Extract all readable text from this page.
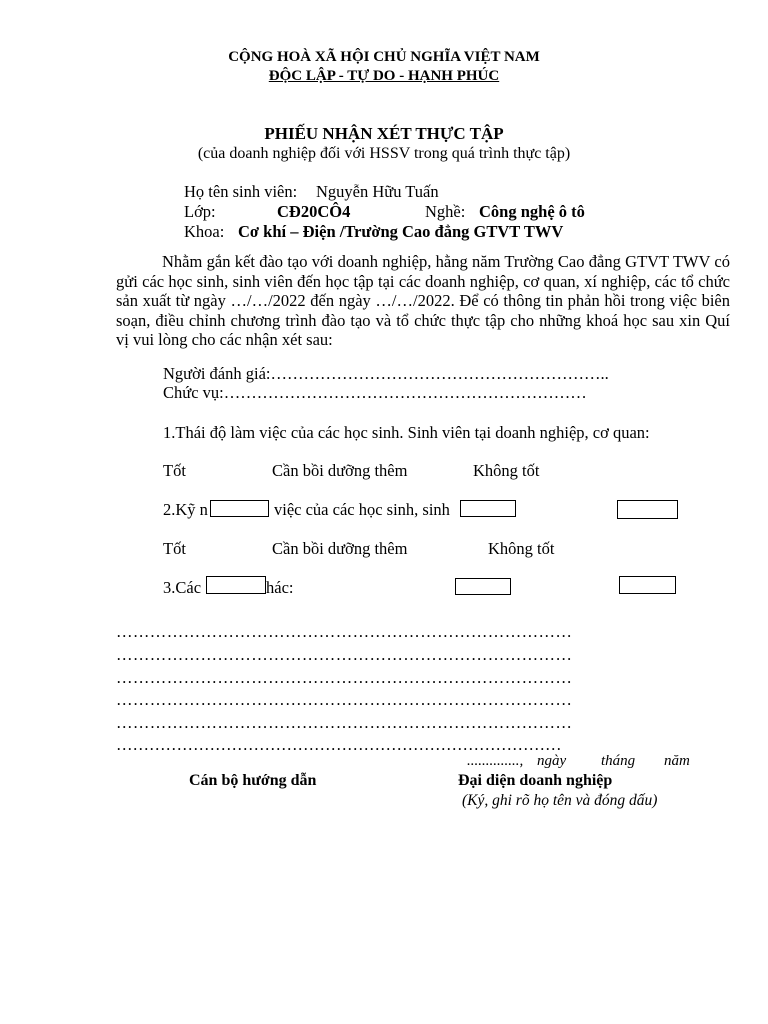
CỘNG HOÀ XÃ HỘI CHỦ NGHĨA VIỆT NAM
ĐỘC LẬP - TỰ DO - HẠNH PHÚC
PHIẾU NHẬN XÉT THỰC TẬP
(của doanh nghiệp đối với HSSV trong quá trình thực tập)
Họ tên sinh viên: Nguyễn Hữu Tuấn
Lớp:	CĐ20CÔ4	Nghề: Công nghệ ô tô
Khoa: Cơ khí – Điện /Trường Cao đẳng GTVT TWV
Nhằm gắn kết đào tạo với doanh nghiệp, hằng năm Trường Cao đẳng GTVT TWV có gửi các học sinh, sinh viên đến học tập tại các doanh nghiệp, cơ quan, xí nghiệp, các tổ chức sản xuất từ ngày …/…/2022 đến ngày …/…/2022. Để có thông tin phản hồi trong việc biên soạn, điều chỉnh chương trình đào tạo và tổ chức thực tập cho những khoá học sau xin Quí vị vui lòng cho các nhận xét sau:
Người đánh giá:……………………………………………………..
Chức vụ:…………………………………………………………
1.Thái độ làm việc của các học sinh. Sinh viên tại doanh nghiệp, cơ quan:
Tốt	Cần bồi dưỡng thêm	Không tốt
2.Kỹ n	việc của các học sinh, sinh
Tốt	Cần bồi dưỡng thêm	Không tốt
3.Các	hác:
………………………………………………………………………
………………………………………………………………………
………………………………………………………………………
………………………………………………………………………
………………………………………………………………………
………………………………………………………………………
.............., ngày tháng năm
Cán bộ hướng dẫn	Đại diện doanh nghiệp
(Ký, ghi rõ họ tên và đóng dấu)
